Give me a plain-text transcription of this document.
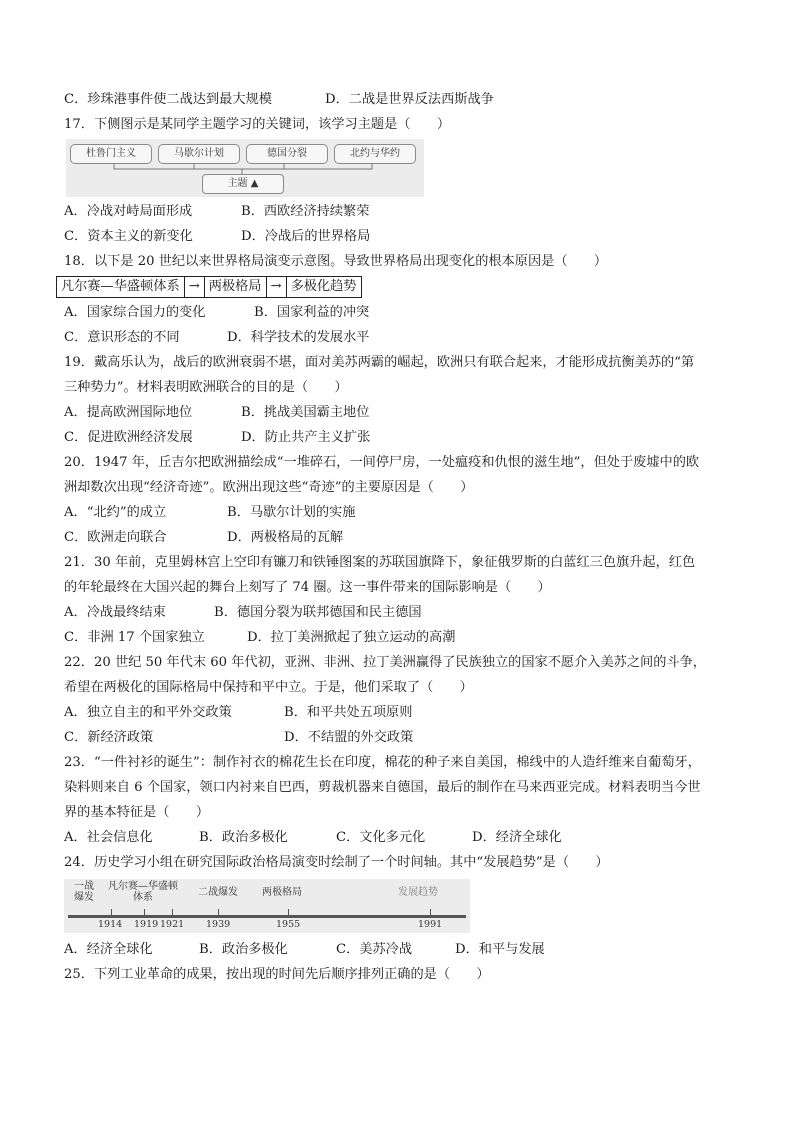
C．珍珠港事件使二战达到最大规模	D．二战是世界反法西斯战争
17．下侧图示是某同学主题学习的关键词，该学习主题是（　　）
杜鲁门主义	马歇尔计划	德国分裂	北约与华约
主题 ▲
A．冷战对峙局面形成	B．西欧经济持续繁荣
C．资本主义的新变化	D．冷战后的世界格局
18．以下是 20 世纪以来世界格局演变示意图。导致世界格局出现变化的根本原因是（　　）
凡尔赛—华盛顿体系 → 两极格局 → 多极化趋势
A．国家综合国力的变化	B．国家利益的冲突
C．意识形态的不同	D．科学技术的发展水平
19．戴高乐认为，战后的欧洲衰弱不堪，面对美苏两霸的崛起，欧洲只有联合起来，才能形成抗衡美苏的“第
三种势力”。材料表明欧洲联合的目的是（　　）
A．提高欧洲国际地位	B．挑战美国霸主地位
C．促进欧洲经济发展	D．防止共产主义扩张
20．1947 年，丘吉尔把欧洲描绘成“一堆碎石，一间停尸房，一处瘟疫和仇恨的滋生地”，但处于废墟中的欧
洲却数次出现“经济奇迹”。欧洲出现这些“奇迹”的主要原因是（　　）
A．“北约”的成立	B．马歇尔计划的实施
C．欧洲走向联合	D．两极格局的瓦解
21．30 年前，克里姆林宫上空印有镰刀和铁锤图案的苏联国旗降下，象征俄罗斯的白蓝红三色旗升起，红色
的年轮最终在大国兴起的舞台上刻写了 74 圈。这一事件带来的国际影响是（　　）
A．冷战最终结束	B．德国分裂为联邦德国和民主德国
C．非洲 17 个国家独立	D．拉丁美洲掀起了独立运动的高潮
22．20 世纪 50 年代末 60 年代初，亚洲、非洲、拉丁美洲赢得了民族独立的国家不愿介入美苏之间的斗争，
希望在两极化的国际格局中保持和平中立。于是，他们采取了（　　）
A．独立自主的和平外交政策	B．和平共处五项原则
C．新经济政策	D．不结盟的外交政策
23．“一件衬衫的诞生”：制作衬衣的棉花生长在印度，棉花的种子来自美国，棉线中的人造纤维来自葡萄牙，
染料则来自 6 个国家，领口内衬来自巴西，剪裁机器来自德国，最后的制作在马来西亚完成。材料表明当今世
界的基本特征是（　　）
A．社会信息化	B．政治多极化	C．文化多元化	D．经济全球化
24．历史学习小组在研究国际政治格局演变时绘制了一个时间轴。其中“发展趋势”是（　　）
一战
爆发
凡尔赛—华盛顿
体系	二战爆发 两极格局	发展趋势
1914 1919 1921 1939	1955	1991
A．经济全球化	B．政治多极化	C．美苏冷战	D．和平与发展
25．下列工业革命的成果，按出现的时间先后顺序排列正确的是（　　）
